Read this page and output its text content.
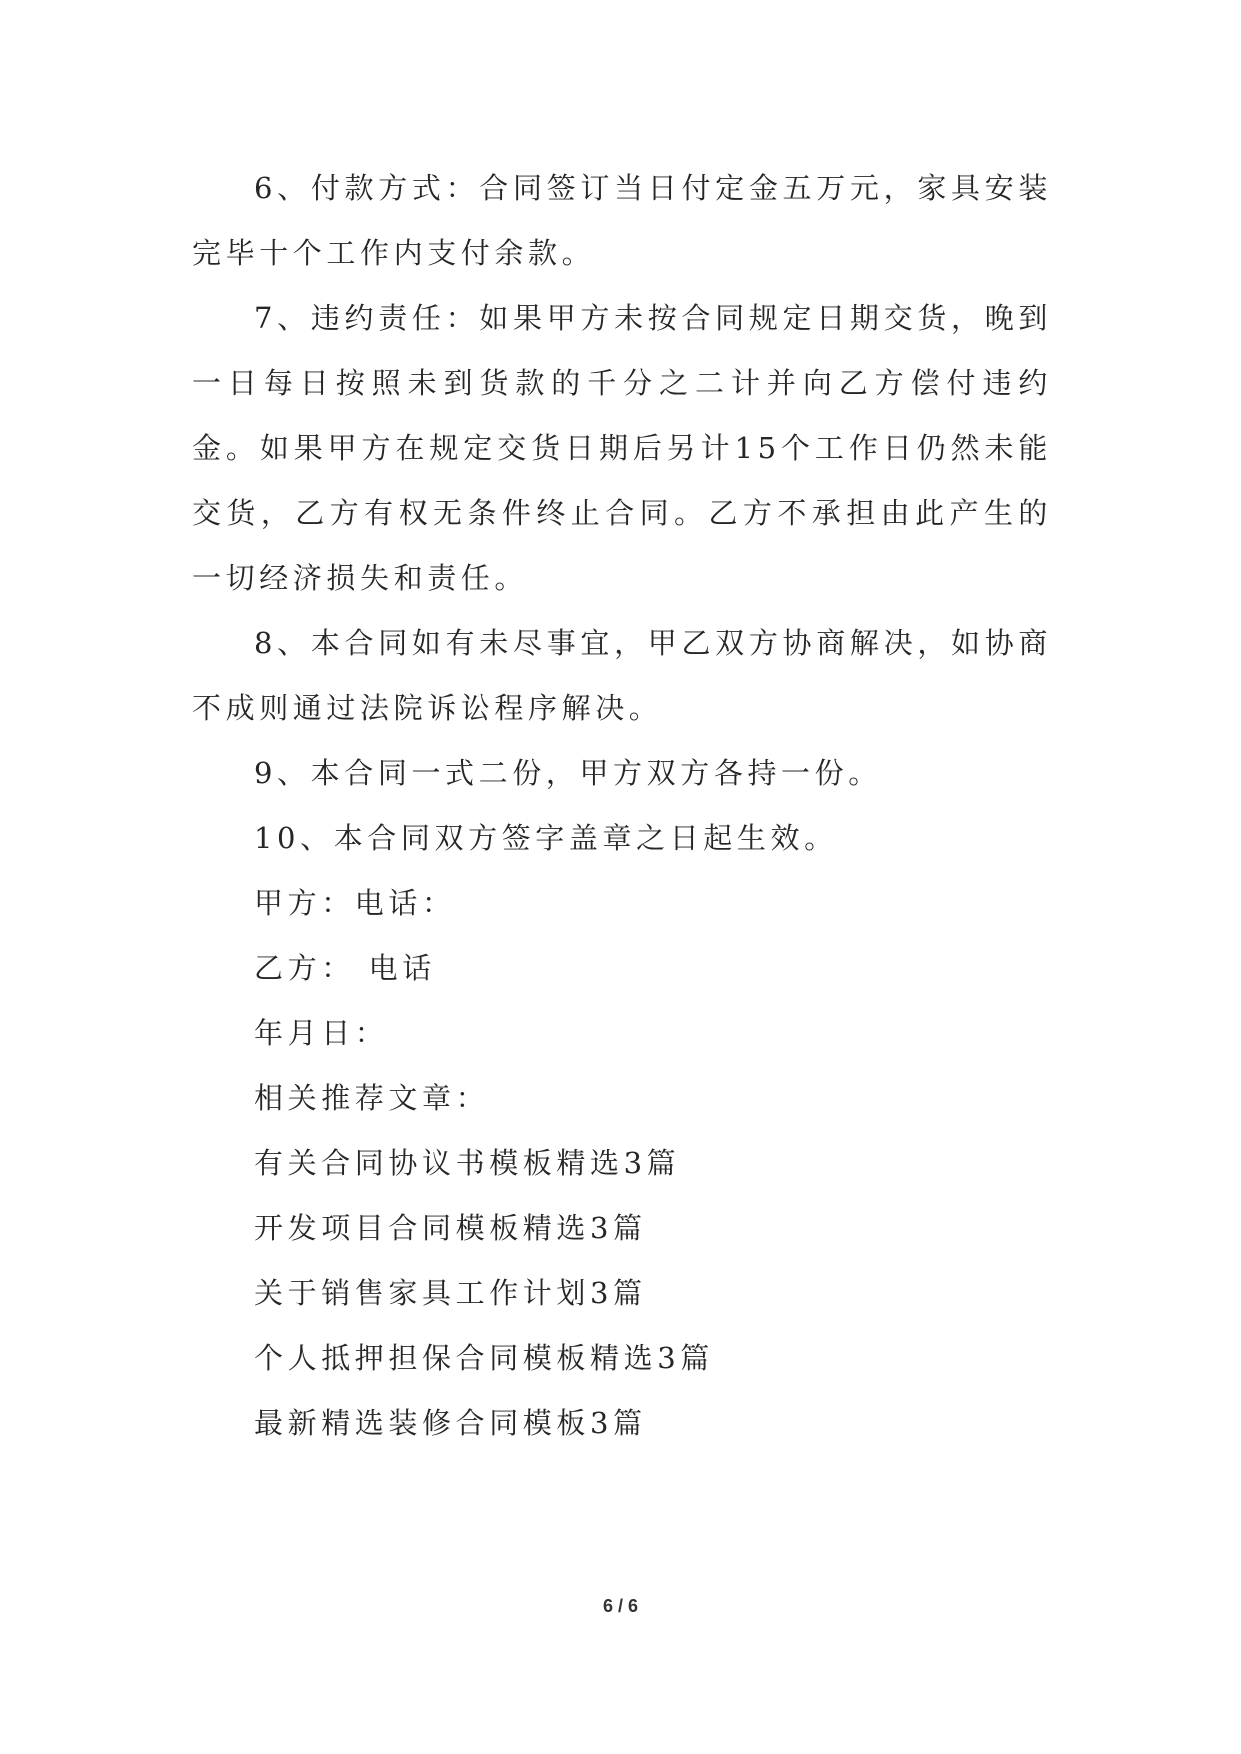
6、付款方式：合同签订当日付定金五万元，家具安装完毕十个工作内支付余款。

7、违约责任：如果甲方未按合同规定日期交货，晚到一日每日按照未到货款的千分之二计并向乙方偿付违约金。如果甲方在规定交货日期后另计15个工作日仍然未能交货，乙方有权无条件终止合同。乙方不承担由此产生的一切经济损失和责任。

8、本合同如有未尽事宜，甲乙双方协商解决，如协商不成则通过法院诉讼程序解决。

9、本合同一式二份，甲方双方各持一份。

10、本合同双方签字盖章之日起生效。

甲方：电话：

乙方： 电话

年月日：

相关推荐文章：

有关合同协议书模板精选3篇

开发项目合同模板精选3篇

关于销售家具工作计划3篇

个人抵押担保合同模板精选3篇

最新精选装修合同模板3篇

6 / 6
